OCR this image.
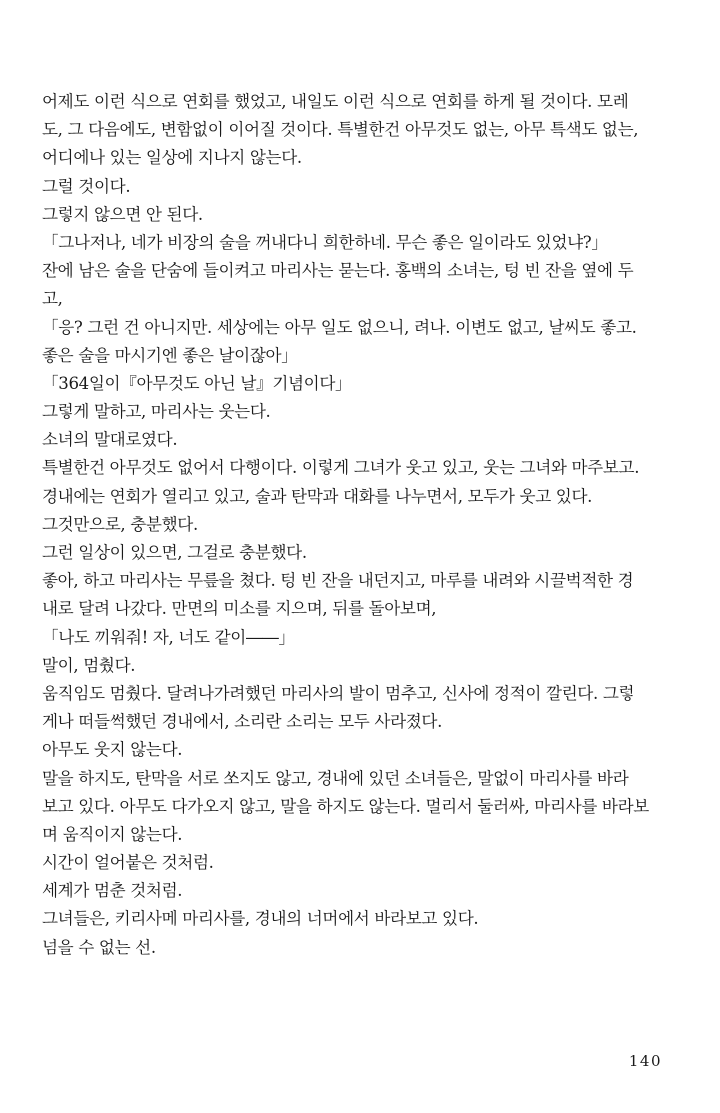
어제도 이런 식으로 연회를 했었고, 내일도 이런 식으로 연회를 하게 될 것이다. 모레
도, 그 다음에도, 변함없이 이어질 것이다. 특별한건 아무것도 없는, 아무 특색도 없는,
어디에나 있는 일상에 지나지 않는다.
그럴 것이다.
그렇지 않으면 안 된다.
「그나저나, 네가 비장의 술을 꺼내다니 희한하네. 무슨 좋은 일이라도 있었냐?」
잔에 남은 술을 단숨에 들이켜고 마리사는 묻는다. 홍백의 소녀는, 텅 빈 잔을 옆에 두
고,
「응? 그런 건 아니지만. 세상에는 아무 일도 없으니, 려나. 이변도 없고, 날씨도 좋고.
좋은 술을 마시기엔 좋은 날이잖아」
「364일이『아무것도 아닌 날』기념이다」
그렇게 말하고, 마리사는 웃는다.
소녀의 말대로였다.
특별한건 아무것도 없어서 다행이다. 이렇게 그녀가 웃고 있고, 웃는 그녀와 마주보고.
경내에는 연회가 열리고 있고, 술과 탄막과 대화를 나누면서, 모두가 웃고 있다.
그것만으로, 충분했다.
그런 일상이 있으면, 그걸로 충분했다.
좋아, 하고 마리사는 무릎을 쳤다. 텅 빈 잔을 내던지고, 마루를 내려와 시끌벅적한 경
내로 달려 나갔다. 만면의 미소를 지으며, 뒤를 돌아보며,
「나도 끼워줘! 자, 너도 같이――」
말이, 멈췄다.
움직임도 멈췄다. 달려나가려했던 마리사의 발이 멈추고, 신사에 정적이 깔린다. 그렇
게나 떠들썩했던 경내에서, 소리란 소리는 모두 사라졌다.
아무도 웃지 않는다.
말을 하지도, 탄막을 서로 쏘지도 않고, 경내에 있던 소녀들은, 말없이 마리사를 바라
보고 있다. 아무도 다가오지 않고, 말을 하지도 않는다. 멀리서 둘러싸, 마리사를 바라보
며 움직이지 않는다.
시간이 얼어붙은 것처럼.
세계가 멈춘 것처럼.
그녀들은, 키리사메 마리사를, 경내의 너머에서 바라보고 있다.
넘을 수 없는 선.
140
